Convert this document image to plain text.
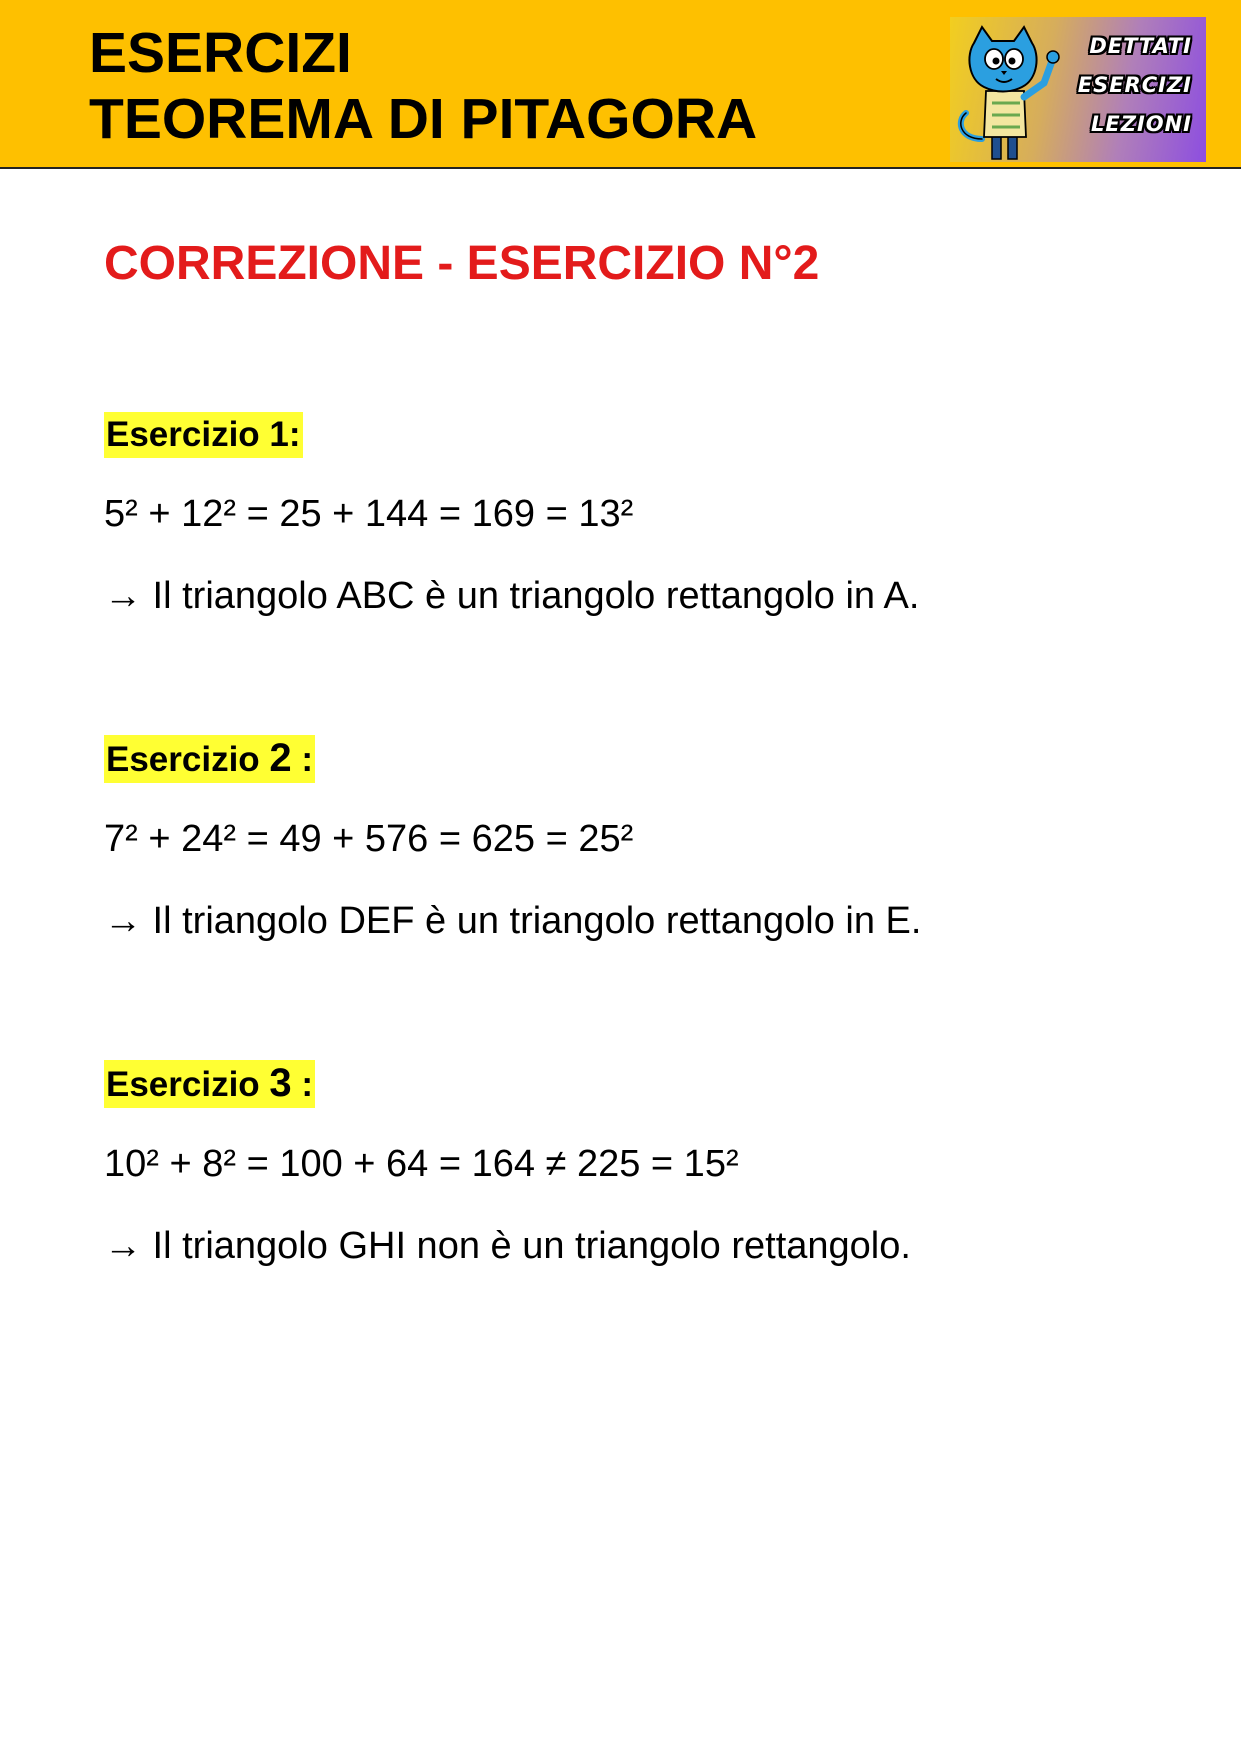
ESERCIZI
TEOREMA DI PITAGORA
DETTATI
ESERCIZI
LEZIONI
CORREZIONE - ESERCIZIO N°2

Esercizio 1:

5² + 12² = 25 + 144 = 169 = 13²

→ Il triangolo ABC è un triangolo rettangolo in A.

Esercizio 2 :

7² + 24² = 49 + 576 = 625 = 25²

→ Il triangolo DEF è un triangolo rettangolo in E.

Esercizio 3 :

10² + 8² = 100 + 64 = 164 ≠ 225 = 15²

→ Il triangolo GHI non è un triangolo rettangolo.
